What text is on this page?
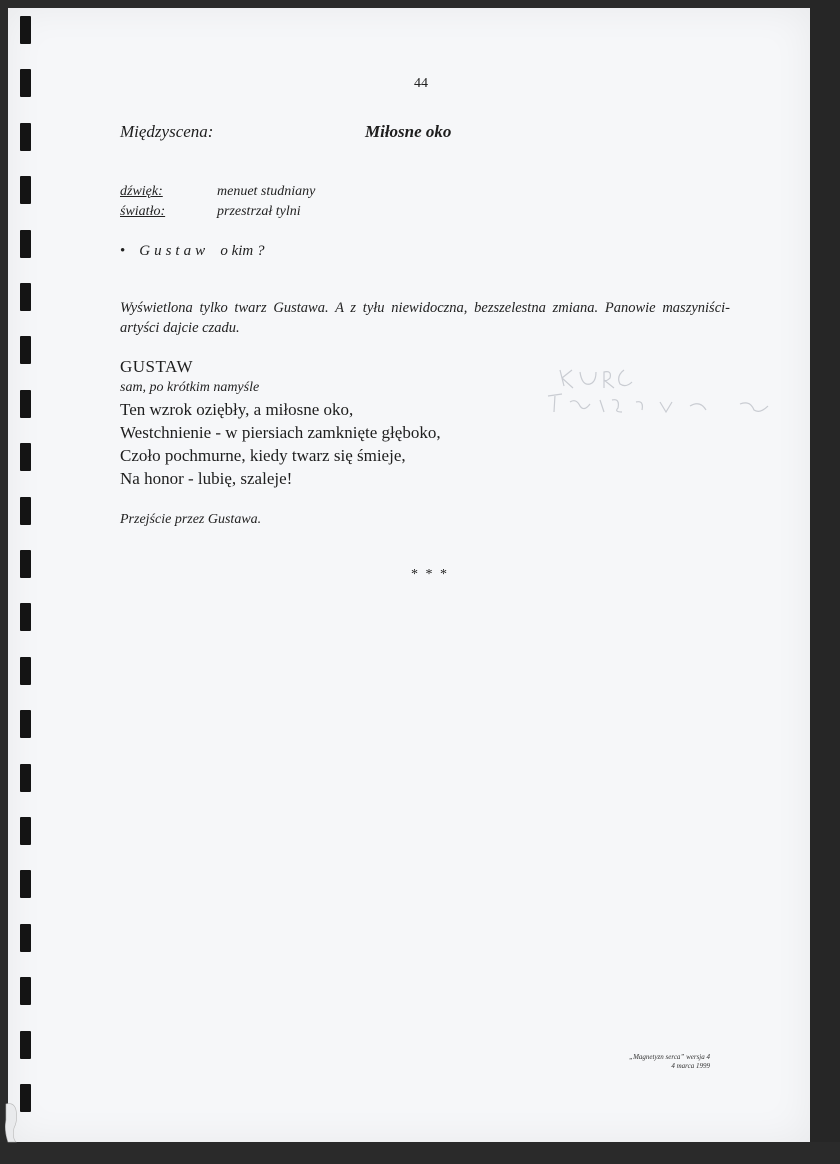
44
Międzyscena:	Miłosne oko
dźwięk:	menuet studniany
światło:	przestrzał tylni
• Gustaw o kim ?
Wyświetlona tylko twarz Gustawa. A z tyłu niewidoczna, bezszelestna zmiana. Panowie maszyniści-artyści dajcie czadu.
GUSTAW
sam, po krótkim namyśle
Ten wzrok oziębły, a miłosne oko,
Westchnienie - w piersiach zamknięte głęboko,
Czoło pochmurne, kiedy twarz się śmieje,
Na honor - lubię, szaleje!
Przejście przez Gustawa.
* * *
„Magnetyzn serca” wersja 4
4 marca 1999
